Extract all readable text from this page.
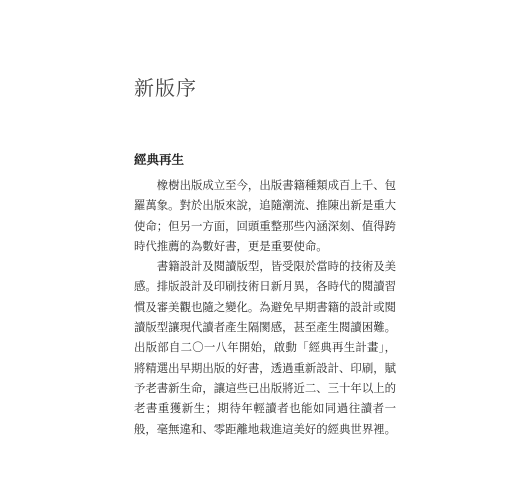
新版序
經典再生

橡樹出版成立至今，出版書籍種類成百上千、包羅萬象。對於出版來說，追隨潮流、推陳出新是重大使命；但另一方面，回頭重整那些內涵深刻、值得跨時代推薦的為數好書，更是重要使命。

書籍設計及閱讀版型，皆受限於當時的技術及美感。排版設計及印刷技術日新月異，各時代的閱讀習慣及審美觀也隨之變化。為避免早期書籍的設計或閱讀版型讓現代讀者產生隔閡感，甚至產生閱讀困難。出版部自二〇一八年開始，啟動「經典再生計畫」，將精選出早期出版的好書，透過重新設計、印刷，賦予老書新生命，讓這些已出版將近二、三十年以上的老書重獲新生；期待年輕讀者也能如同過往讀者一般，毫無違和、零距離地栽進這美好的經典世界裡。
